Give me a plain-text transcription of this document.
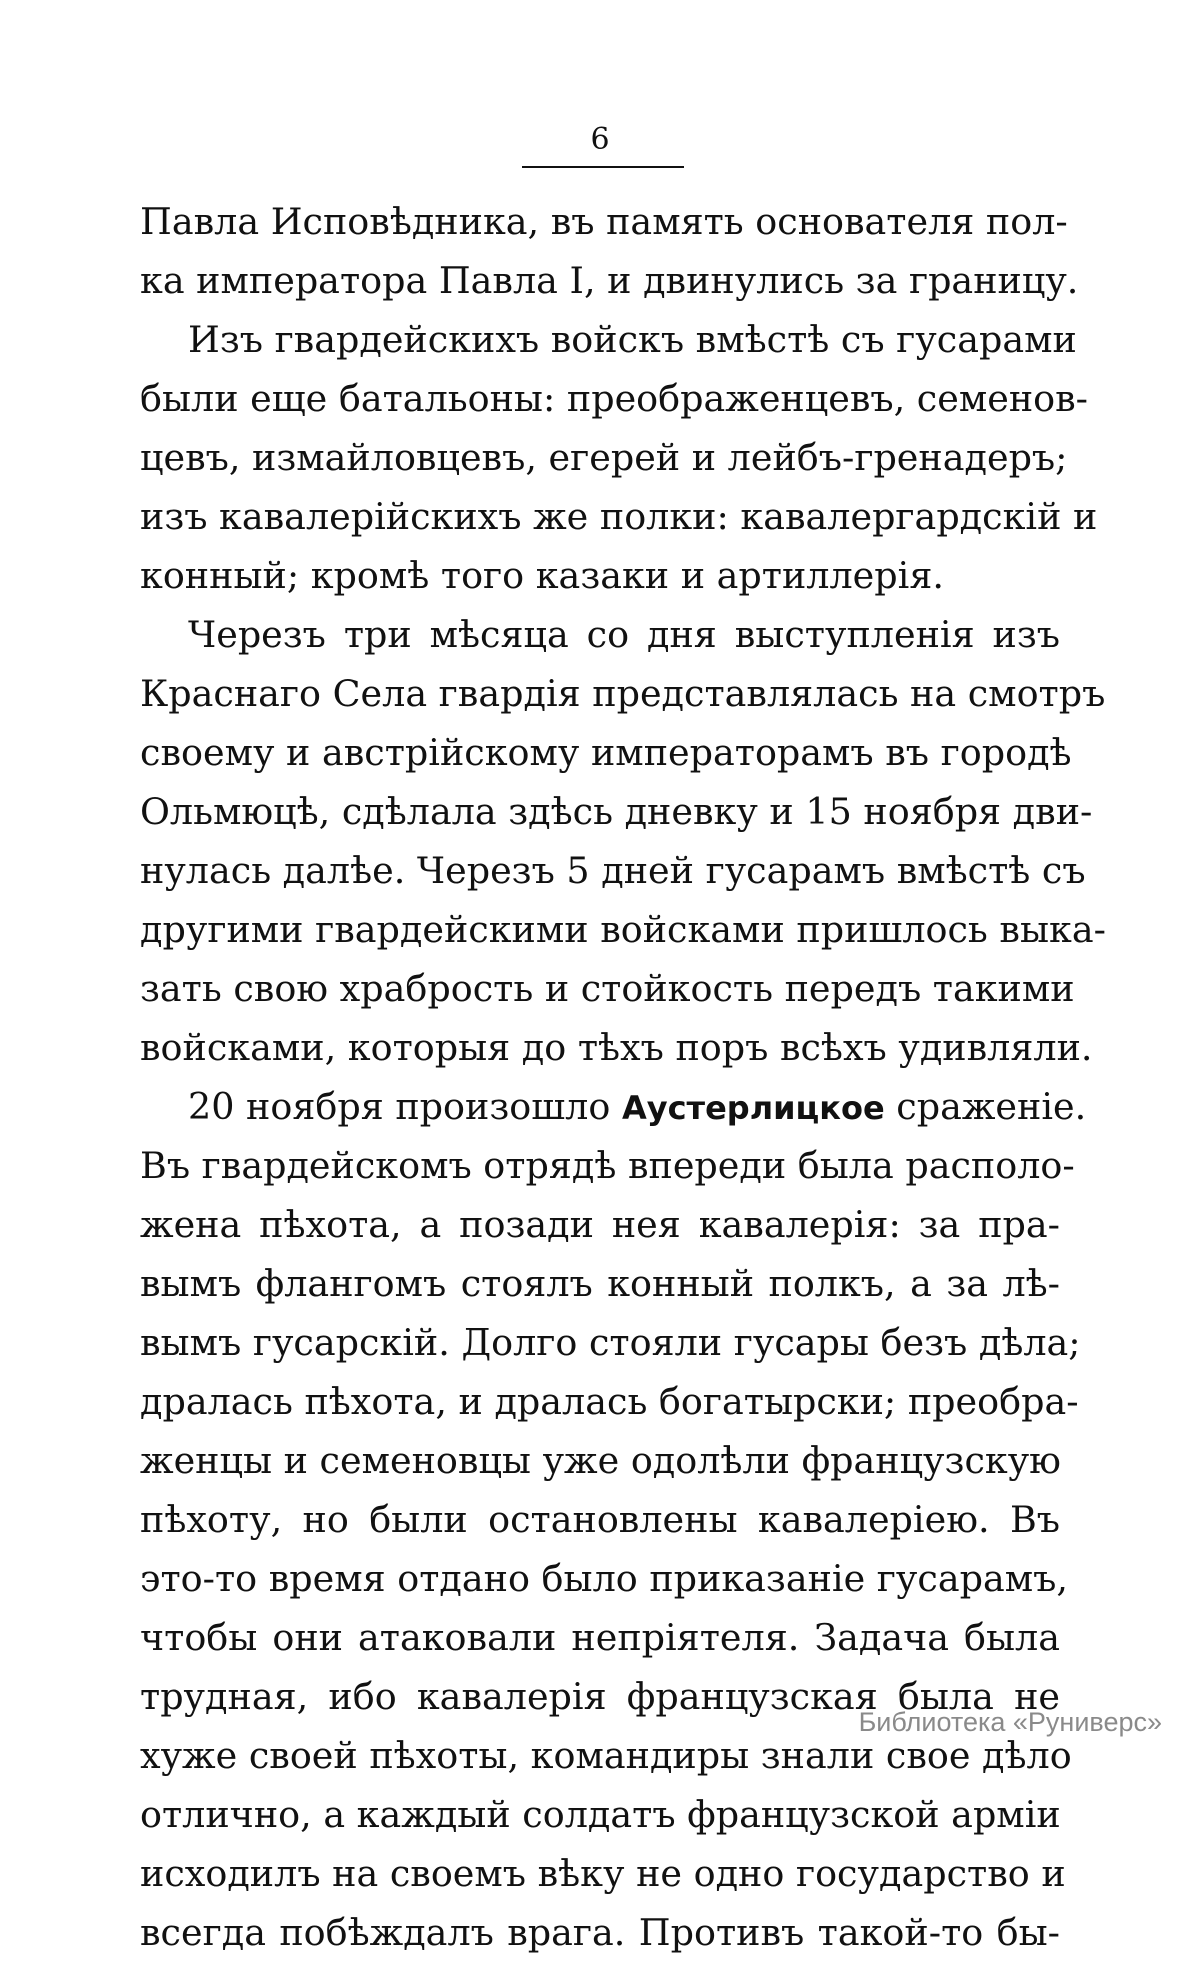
6
Павла Исповѣдника, въ память основателя пол-
ка императора Павла I, и двинулись за границу.
Изъ гвардейскихъ войскъ вмѣстѣ съ гусарами
были еще батальоны: преображенцевъ, семенов-
цевъ, измайловцевъ, егерей и лейбъ-гренадеръ;
изъ кавалерійскихъ же полки: кавалергардскій и
конный; кромѣ того казаки и артиллерія.
Черезъ три мѣсяца со дня выступленія изъ
Краснаго Села гвардія представлялась на смотръ
своему и австрійскому императорамъ въ городѣ
Ольмюцѣ, сдѣлала здѣсь дневку и 15 ноября дви-
нулась далѣе. Черезъ 5 дней гусарамъ вмѣстѣ съ
другими гвардейскими войсками пришлось выка-
зать свою храбрость и стойкость передъ такими
войсками, которыя до тѣхъ поръ всѣхъ удивляли.
20 ноября произошло Аустерлицкое сраженіе.
Въ гвардейскомъ отрядѣ впереди была располо-
жена пѣхота, а позади нея кавалерія: за пра-
вымъ флангомъ стоялъ конный полкъ, а за лѣ-
вымъ гусарскій. Долго стояли гусары безъ дѣла;
дралась пѣхота, и дралась богатырски; преобра-
женцы и семеновцы уже одолѣли французскую
пѣхоту, но были остановлены кавалеріею. Въ
это-то время отдано было приказаніе гусарамъ,
чтобы они атаковали непріятеля. Задача была
трудная, ибо кавалерія французская была не
хуже своей пѣхоты, командиры знали свое дѣло
отлично, а каждый солдатъ французской арміи
исходилъ на своемъ вѣку не одно государство и
всегда побѣждалъ врага. Противъ такой-то бы-
Библиотека «Руниверс»
